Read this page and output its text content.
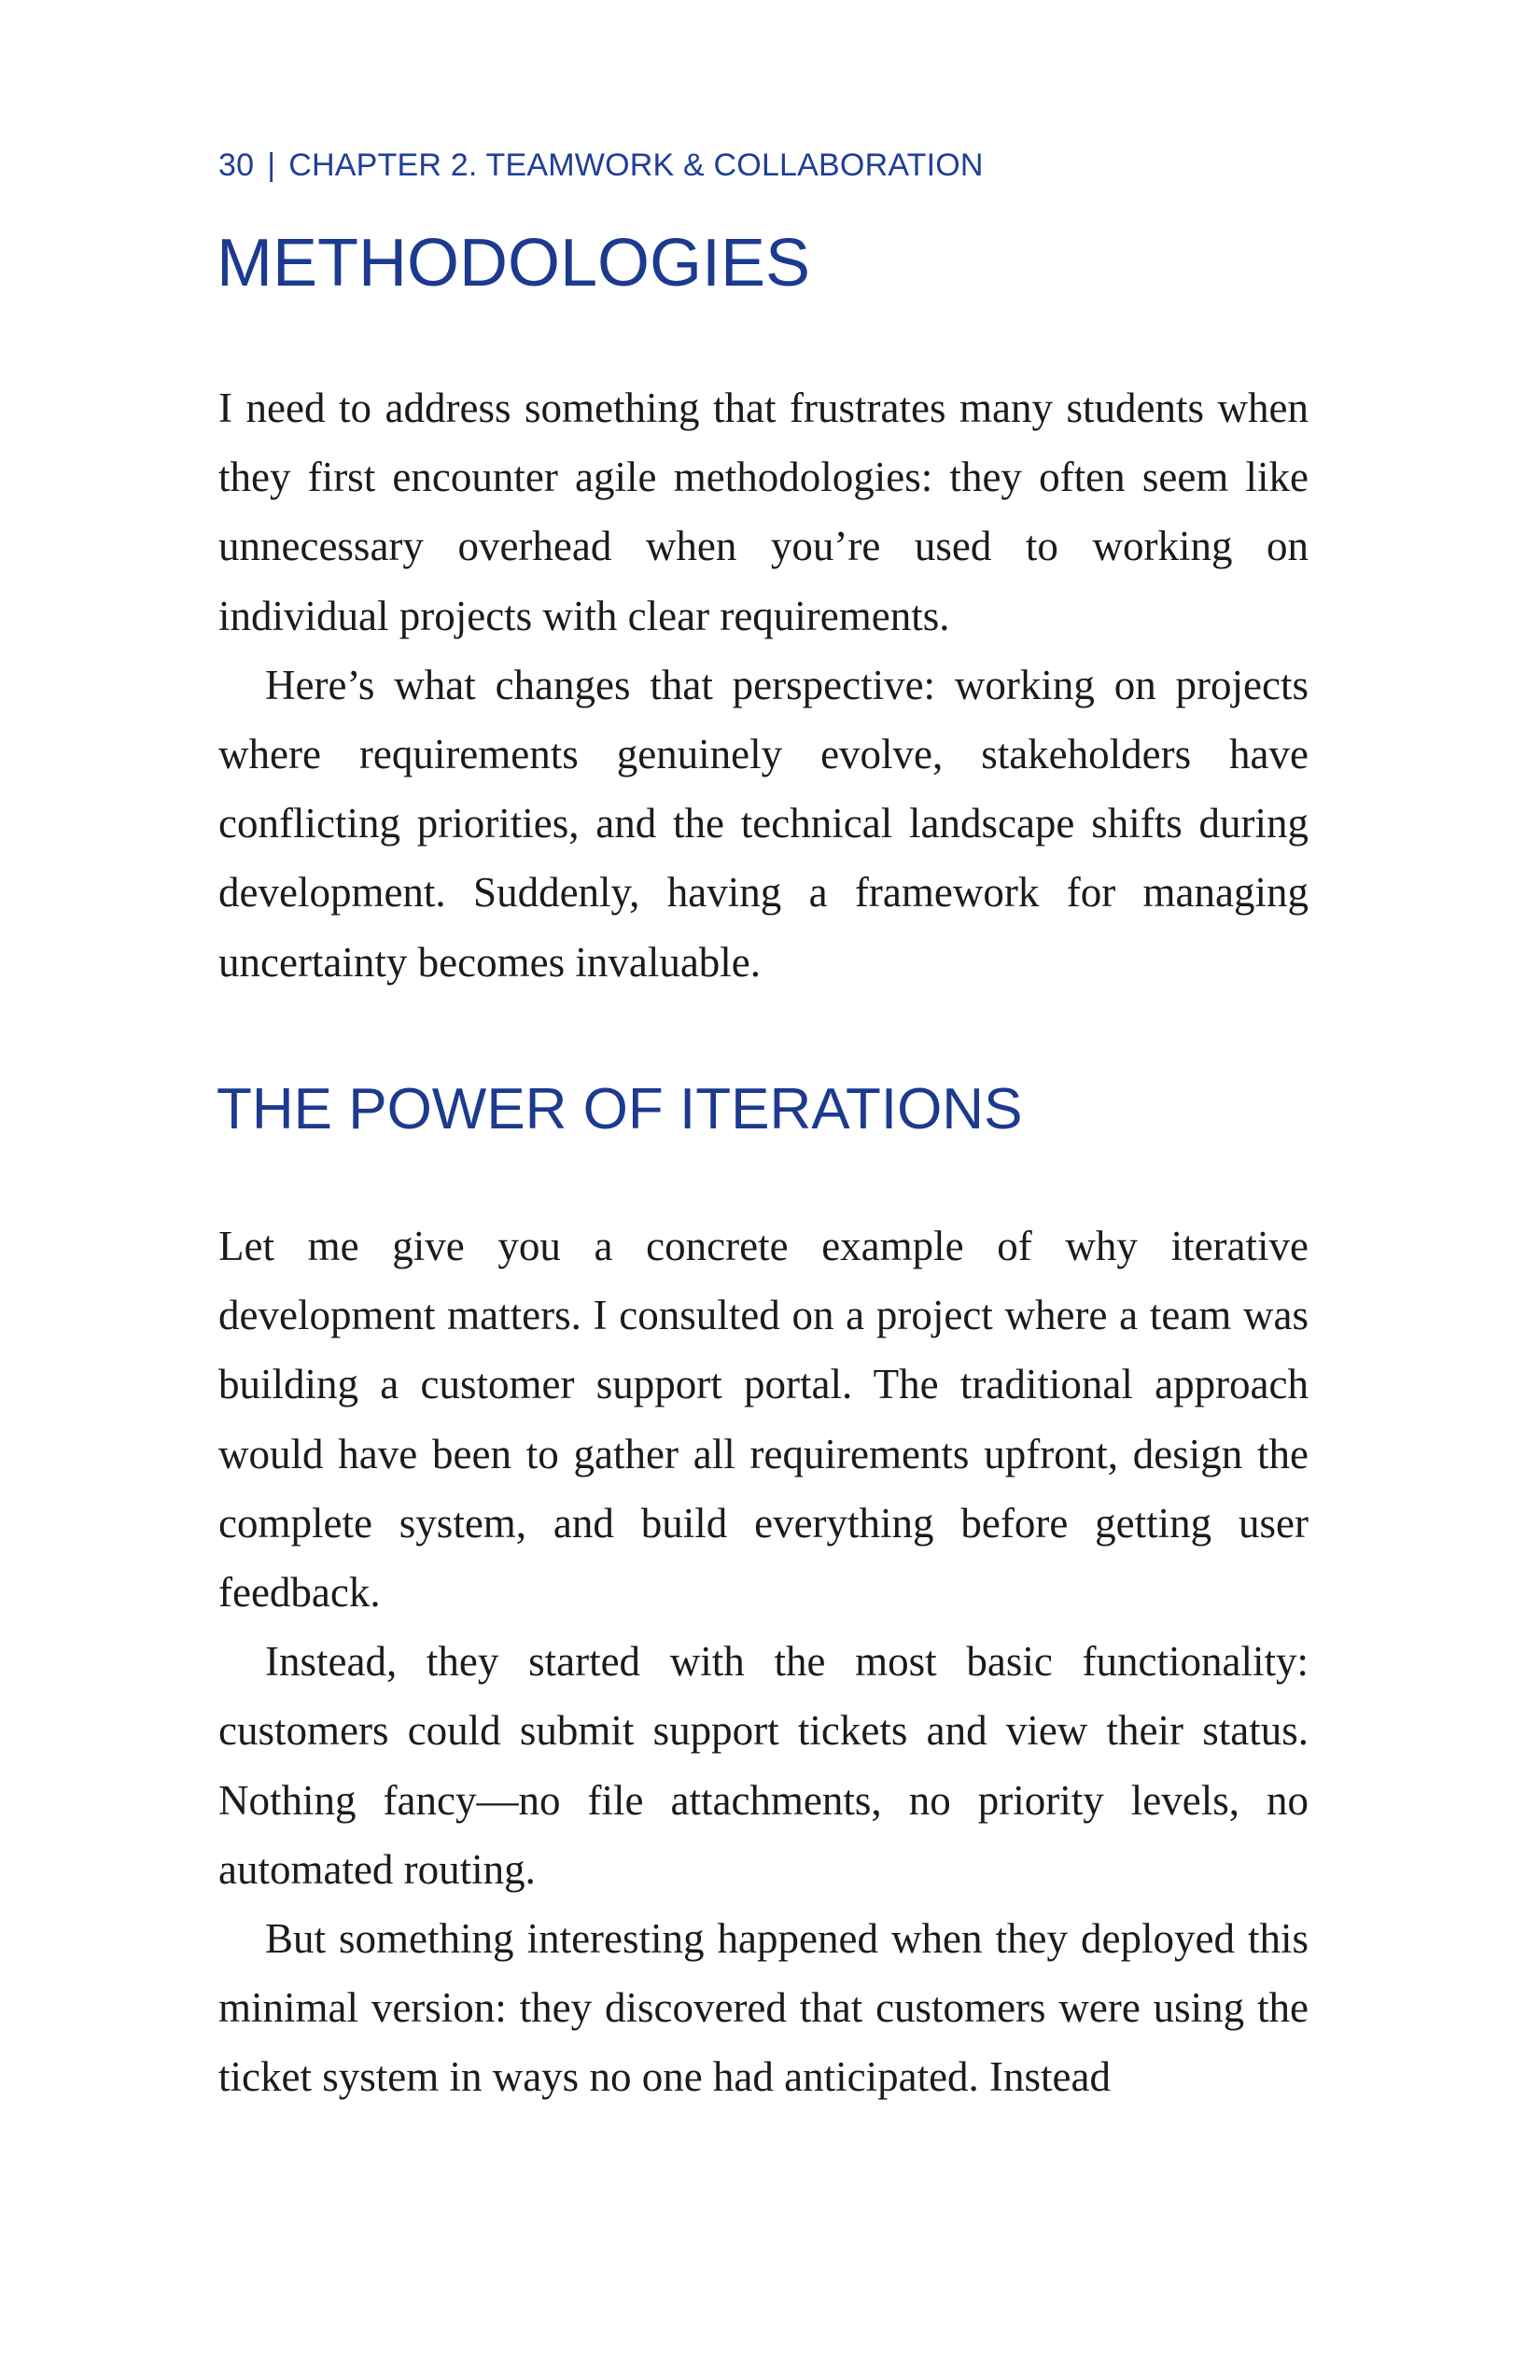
30 | CHAPTER 2. TEAMWORK & COLLABORATION
METHODOLOGIES

I need to address something that frustrates many students when they first encounter agile methodologies: they often seem like unnecessary overhead when you’re used to working on individual projects with clear requirements.

Here’s what changes that perspective: working on projects where requirements genuinely evolve, stakeholders have conflicting priorities, and the technical landscape shifts during development. Suddenly, having a framework for managing uncertainty becomes invaluable.

THE POWER OF ITERATIONS

Let me give you a concrete example of why iterative development matters. I consulted on a project where a team was building a customer support portal. The traditional approach would have been to gather all requirements upfront, design the complete system, and build everything before getting user feedback.

Instead, they started with the most basic functionality: customers could submit support tickets and view their status. Nothing fancy—no file attachments, no priority levels, no automated routing.

But something interesting happened when they deployed this minimal version: they discovered that customers were using the ticket system in ways no one had anticipated. Instead
